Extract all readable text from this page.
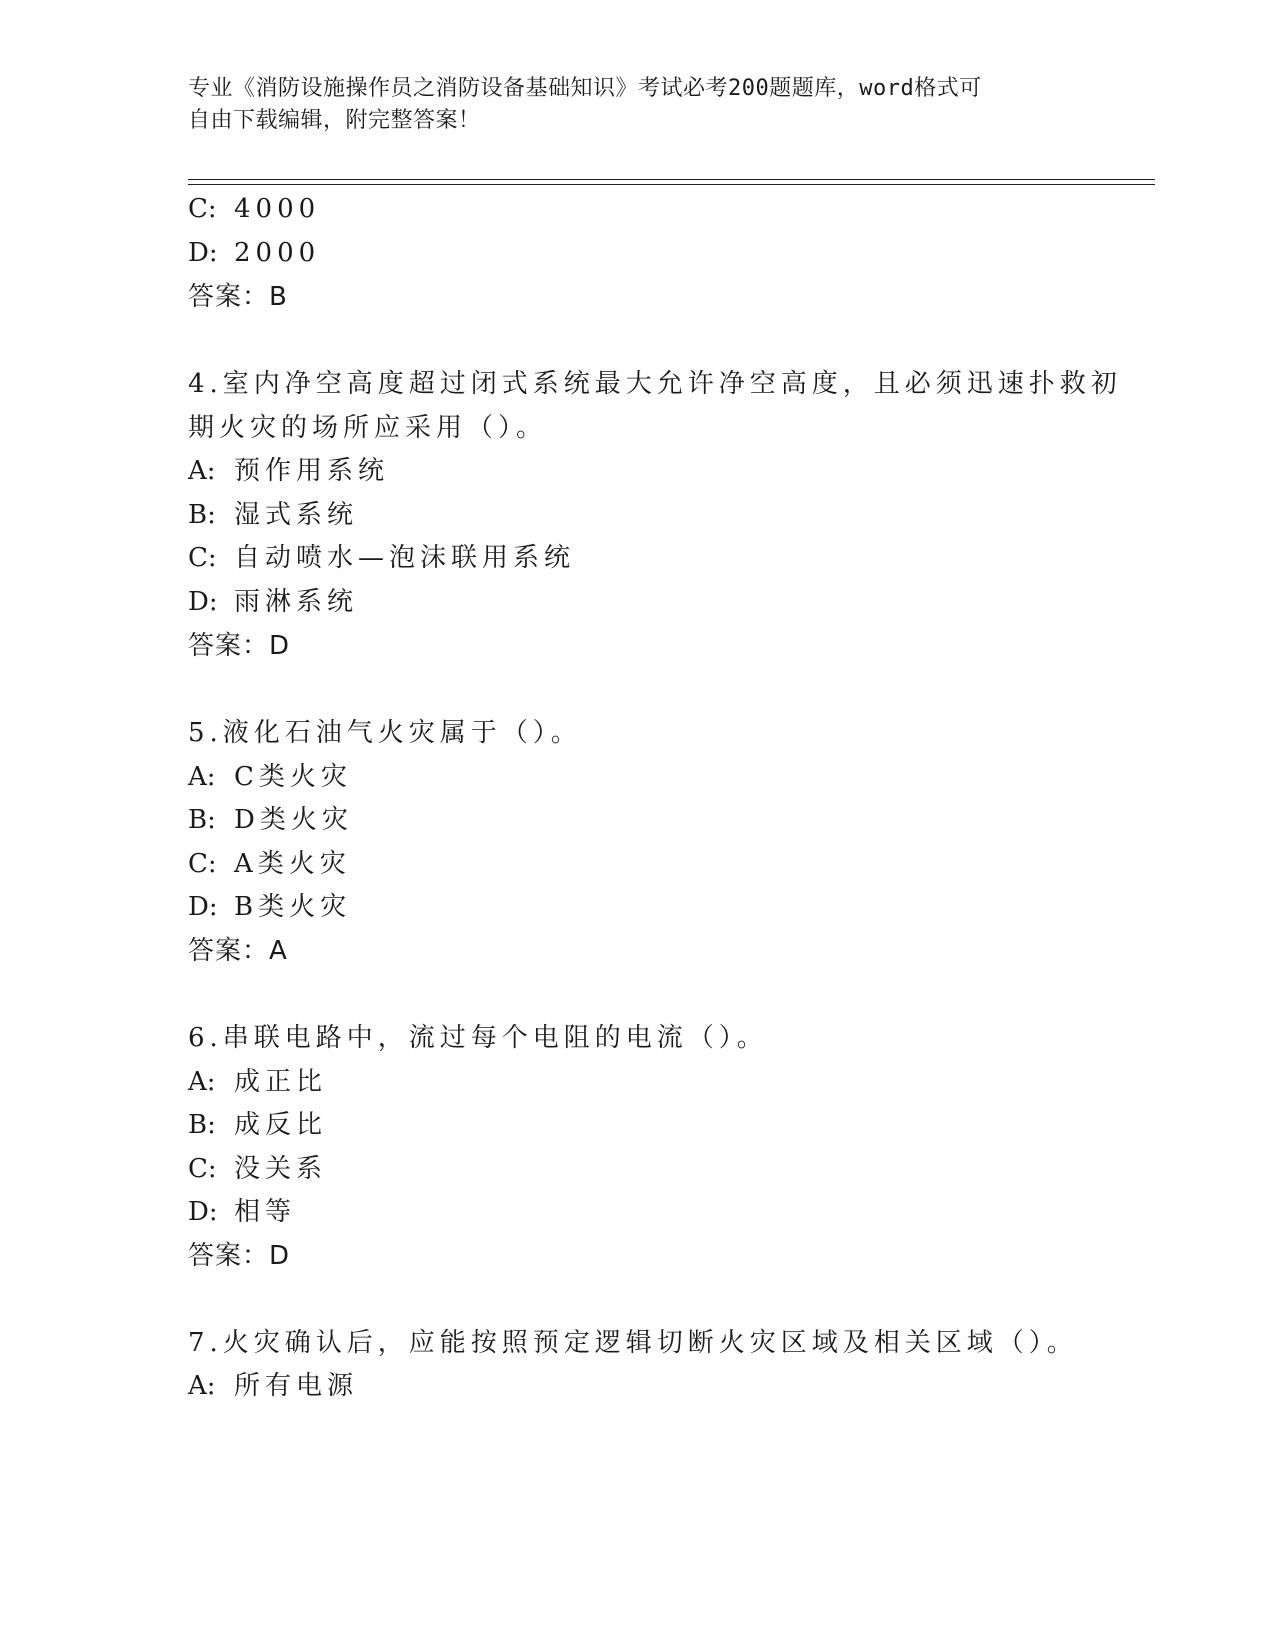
专业《消防设施操作员之消防设备基础知识》考试必考200题题库，word格式可
自由下载编辑，附完整答案！
C: 4000
D: 2000
答案：B
4.室内净空高度超过闭式系统最大允许净空高度，且必须迅速扑救初
期火灾的场所应采用（）。
A: 预作用系统
B: 湿式系统
C: 自动喷水—泡沫联用系统
D: 雨淋系统
答案：D
5.液化石油气火灾属于（）。
A: C类火灾
B: D类火灾
C: A类火灾
D: B类火灾
答案：A
6.串联电路中，流过每个电阻的电流（）。
A: 成正比
B: 成反比
C: 没关系
D: 相等
答案：D
7.火灾确认后，应能按照预定逻辑切断火灾区域及相关区域（）。
A: 所有电源
